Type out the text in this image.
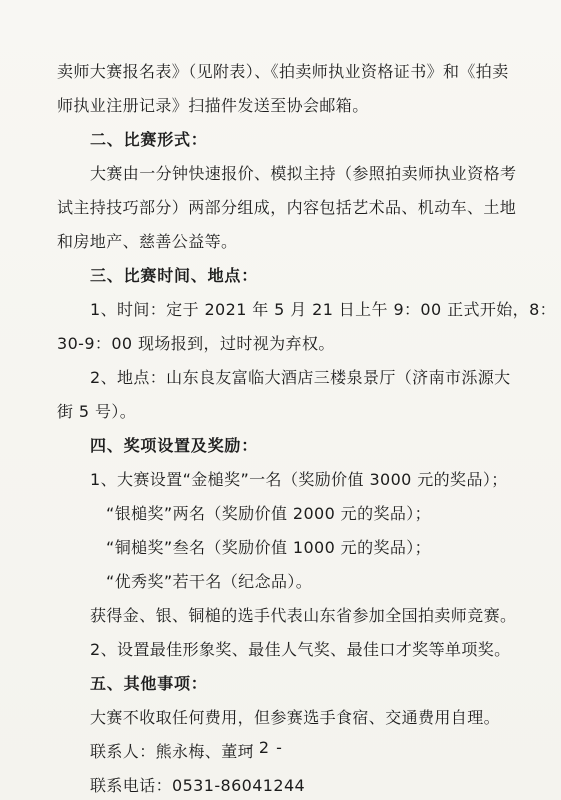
卖师大赛报名表》（见附表）、《拍卖师执业资格证书》和《拍卖
师执业注册记录》扫描件发送至协会邮箱。
二、比赛形式：
大赛由一分钟快速报价、模拟主持（参照拍卖师执业资格考
试主持技巧部分）两部分组成，内容包括艺术品、机动车、土地
和房地产、慈善公益等。
三、比赛时间、地点：
1、时间：定于 2021 年 5 月 21 日上午 9：00 正式开始，8：
30-9：00 现场报到，过时视为弃权。
2、地点：山东良友富临大酒店三楼泉景厅（济南市泺源大
街 5 号）。
四、奖项设置及奖励：
1、大赛设置“金槌奖”一名（奖励价值 3000 元的奖品）；
“银槌奖”两名（奖励价值 2000 元的奖品）；
“铜槌奖”叁名（奖励价值 1000 元的奖品）；
“优秀奖”若干名（纪念品）。
获得金、银、铜槌的选手代表山东省参加全国拍卖师竞赛。
2、设置最佳形象奖、最佳人气奖、最佳口才奖等单项奖。
五、其他事项：
大赛不收取任何费用，但参赛选手食宿、交通费用自理。
联系人：熊永梅、董珂
联系电话：0531-86041244
- 2 -
